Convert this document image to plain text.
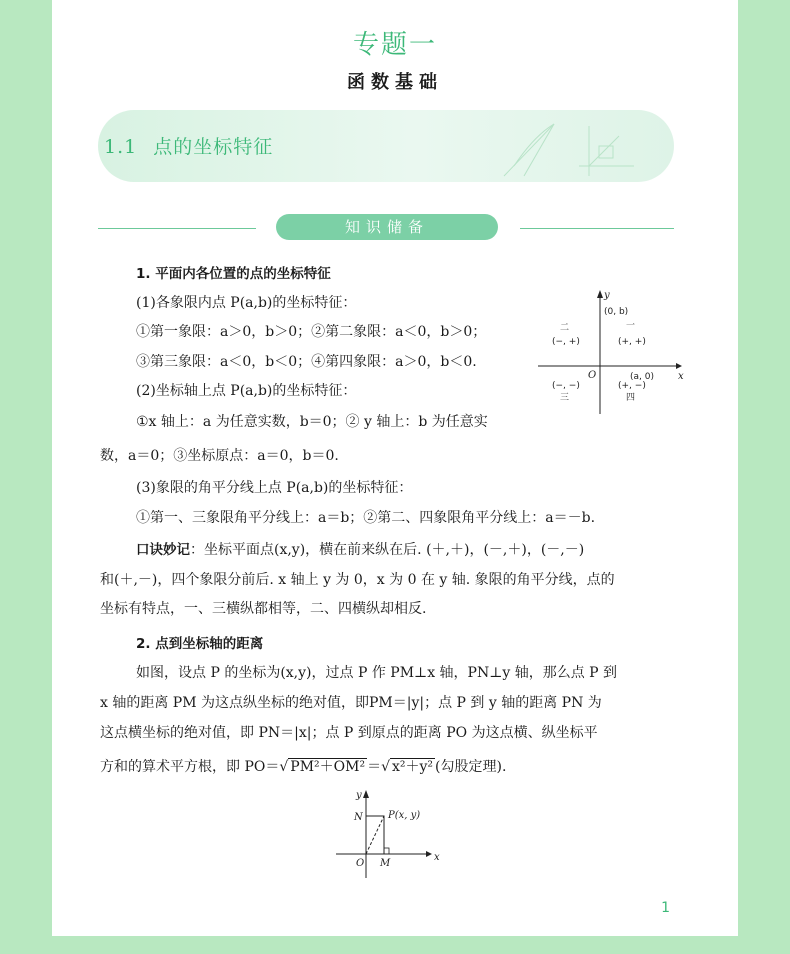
专题一
函数基础
1.1 点的坐标特征
知识储备
1. 平面内各位置的点的坐标特征
(1)各象限内点 P(a,b)的坐标特征：
①第一象限：a＞0，b＞0；②第二象限：a＜0，b＞0；
③第三象限：a＜0，b＜0；④第四象限：a＞0，b＜0.
(2)坐标轴上点 P(a,b)的坐标特征：
①x 轴上：a 为任意实数，b＝0；② y 轴上：b 为任意实
数，a＝0；③坐标原点：a＝0，b＝0.
(3)象限的角平分线上点 P(a,b)的坐标特征：
①第一、三象限角平分线上：a＝b；②第二、四象限角平分线上：a＝－b.
口诀妙记：坐标平面点(x,y)，横在前来纵在后. (＋,＋)，(－,＋)，(－,－)
和(＋,－)，四个象限分前后. x 轴上 y 为 0，x 为 0 在 y 轴. 象限的角平分线，点的
坐标有特点，一、三横纵都相等，二、四横纵却相反.
2. 点到坐标轴的距离
如图，设点 P 的坐标为(x,y)，过点 P 作 PM⊥x 轴，PN⊥y 轴，那么点 P 到
x 轴的距离 PM 为这点纵坐标的绝对值，即PM＝|y|；点 P 到 y 轴的距离 PN 为
这点横坐标的绝对值，即 PN＝|x|；点 P 到原点的距离 PO 为这点横、纵坐标平
方和的算术平方根，即 PO＝√ PM²＋OM² ＝√ x²＋y² (勾股定理).
y
x
O
(0, b)
(a, 0)
二
(−, +)
一
(+, +)
(−, −)
三
(+, −)
四
y
x
O
N
M
P(x, y)
1
